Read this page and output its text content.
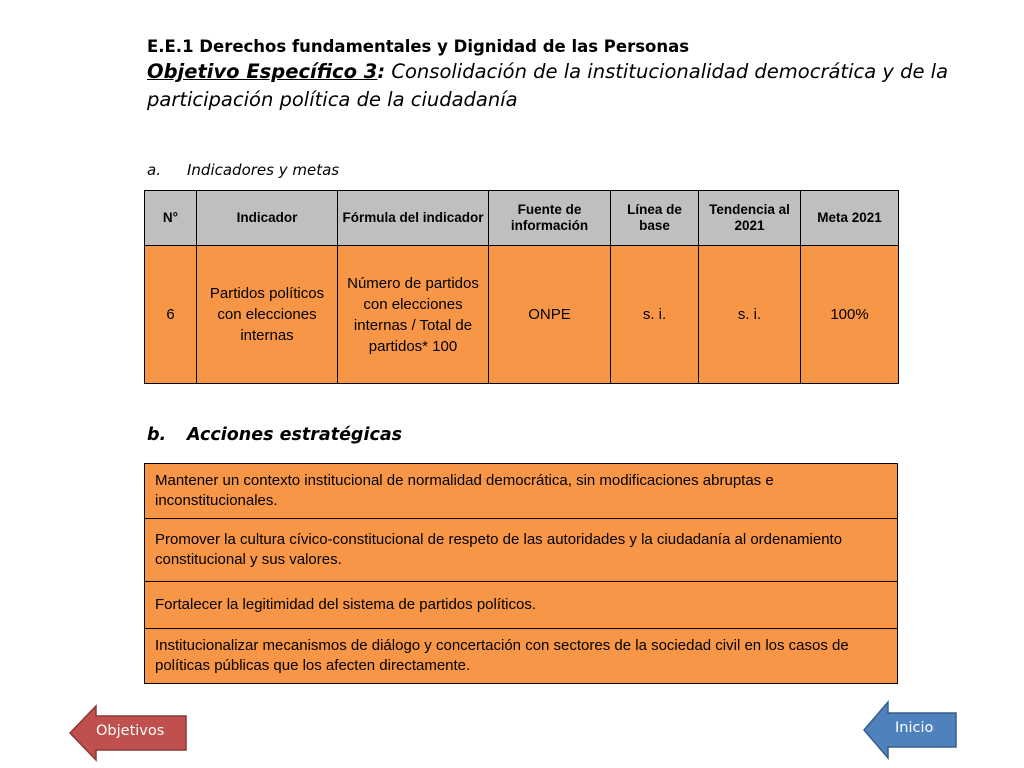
E.E.1 Derechos fundamentales y Dignidad de las Personas
Objetivo Específico 3: Consolidación de la institucionalidad democrática y de la participación política de la ciudadanía
a. Indicadores y metas
N°	Indicador	Fórmula del indicador	Fuente de información	Línea de base	Tendencia al 2021	Meta 2021
6	Partidos políticos con elecciones internas	Número de partidos con elecciones internas / Total de partidos* 100	ONPE	s. i.	s. i.	100%
b. Acciones estratégicas
Mantener un contexto institucional de normalidad democrática, sin modificaciones abruptas e inconstitucionales.
Promover la cultura cívico-constitucional de respeto de las autoridades y la ciudadanía al ordenamiento constitucional y sus valores.
Fortalecer la legitimidad del sistema de partidos políticos.
Institucionalizar mecanismos de diálogo y concertación con sectores de la sociedad civil en los casos de políticas públicas que los afecten directamente.
Objetivos	Inicio
